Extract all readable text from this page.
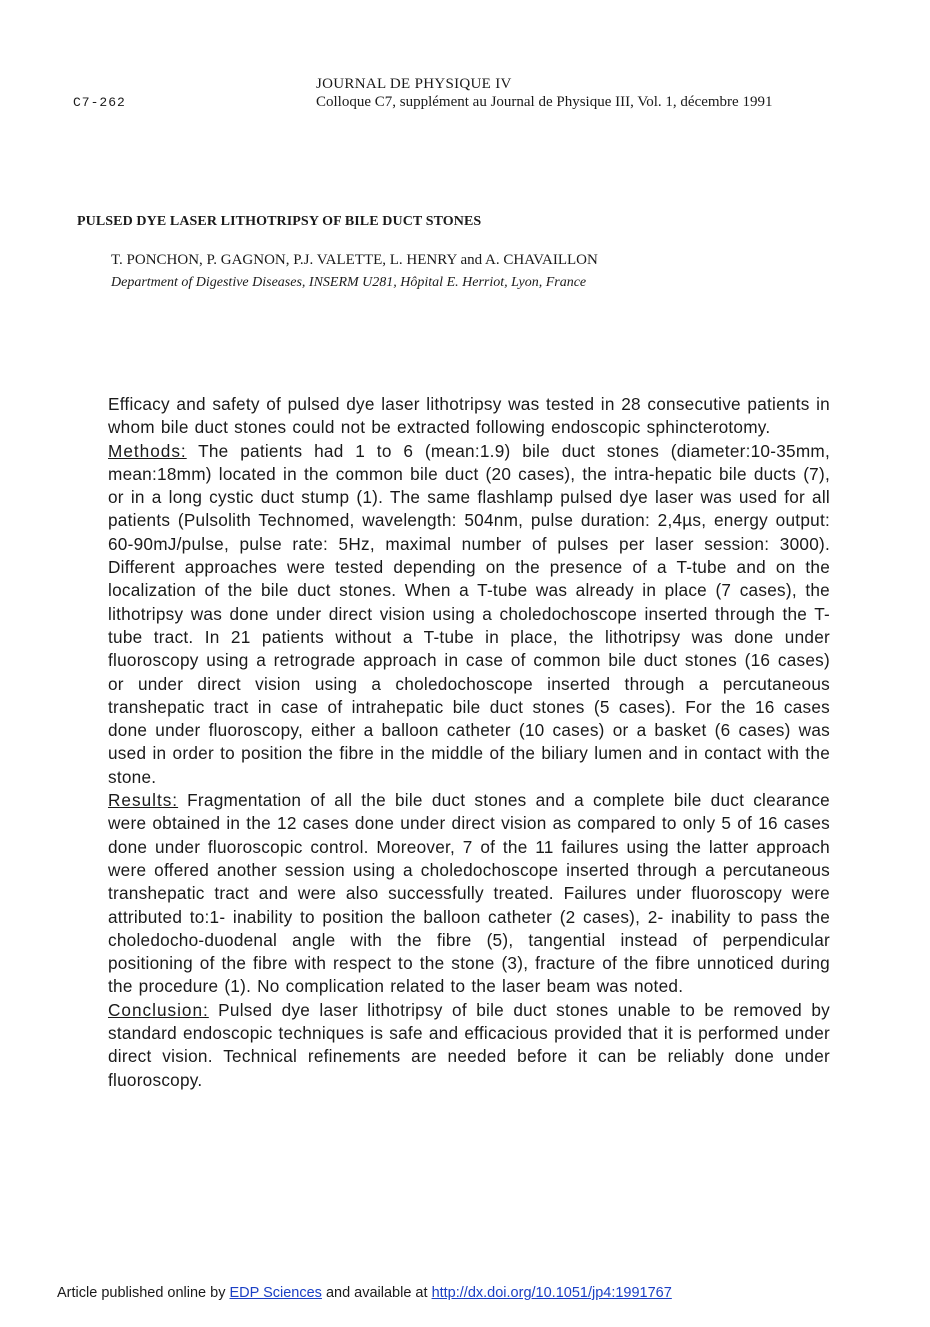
C7-262
JOURNAL DE PHYSIQUE IV
Colloque C7, supplément au Journal de Physique III, Vol. 1, décembre 1991
PULSED DYE LASER LITHOTRIPSY OF BILE DUCT STONES
T. PONCHON, P. GAGNON, P.J. VALETTE, L. HENRY and A. CHAVAILLON
Department of Digestive Diseases, INSERM U281, Hôpital E. Herriot, Lyon, France

Efficacy and safety of pulsed dye laser lithotripsy was tested in 28 consecutive patients in whom bile duct stones could not be extracted following endoscopic sphincterotomy.

Methods: The patients had 1 to 6 (mean:1.9) bile duct stones (diameter:10-35mm, mean:18mm) located in the common bile duct (20 cases), the intra-hepatic bile ducts (7), or in a long cystic duct stump (1). The same flashlamp pulsed dye laser was used for all patients (Pulsolith Technomed, wavelength: 504nm, pulse duration: 2,4µs, energy output: 60-90mJ/pulse, pulse rate: 5Hz, maximal number of pulses per laser session: 3000). Different approaches were tested depending on the presence of a T-tube and on the localization of the bile duct stones. When a T-tube was already in place (7 cases), the lithotripsy was done under direct vision using a choledochoscope inserted through the T-tube tract. In 21 patients without a T-tube in place, the lithotripsy was done under fluoroscopy using a retrograde approach in case of common bile duct stones (16 cases) or under direct vision using a choledochoscope inserted through a percutaneous transhepatic tract in case of intrahepatic bile duct stones (5 cases). For the 16 cases done under fluoroscopy, either a balloon catheter (10 cases) or a basket (6 cases) was used in order to position the fibre in the middle of the biliary lumen and in contact with the stone.

Results: Fragmentation of all the bile duct stones and a complete bile duct clearance were obtained in the 12 cases done under direct vision as compared to only 5 of 16 cases done under fluoroscopic control. Moreover, 7 of the 11 failures using the latter approach were offered another session using a choledochoscope inserted through a percutaneous transhepatic tract and were also successfully treated. Failures under fluoroscopy were attributed to:1- inability to position the balloon catheter (2 cases), 2- inability to pass the choledocho-duodenal angle with the fibre (5), tangential instead of perpendicular positioning of the fibre with respect to the stone (3), fracture of the fibre unnoticed during the procedure (1). No complication related to the laser beam was noted.

Conclusion: Pulsed dye laser lithotripsy of bile duct stones unable to be removed by standard endoscopic techniques is safe and efficacious provided that it is performed under direct vision. Technical refinements are needed before it can be reliably done under fluoroscopy.

Article published online by EDP Sciences and available at http://dx.doi.org/10.1051/jp4:1991767
